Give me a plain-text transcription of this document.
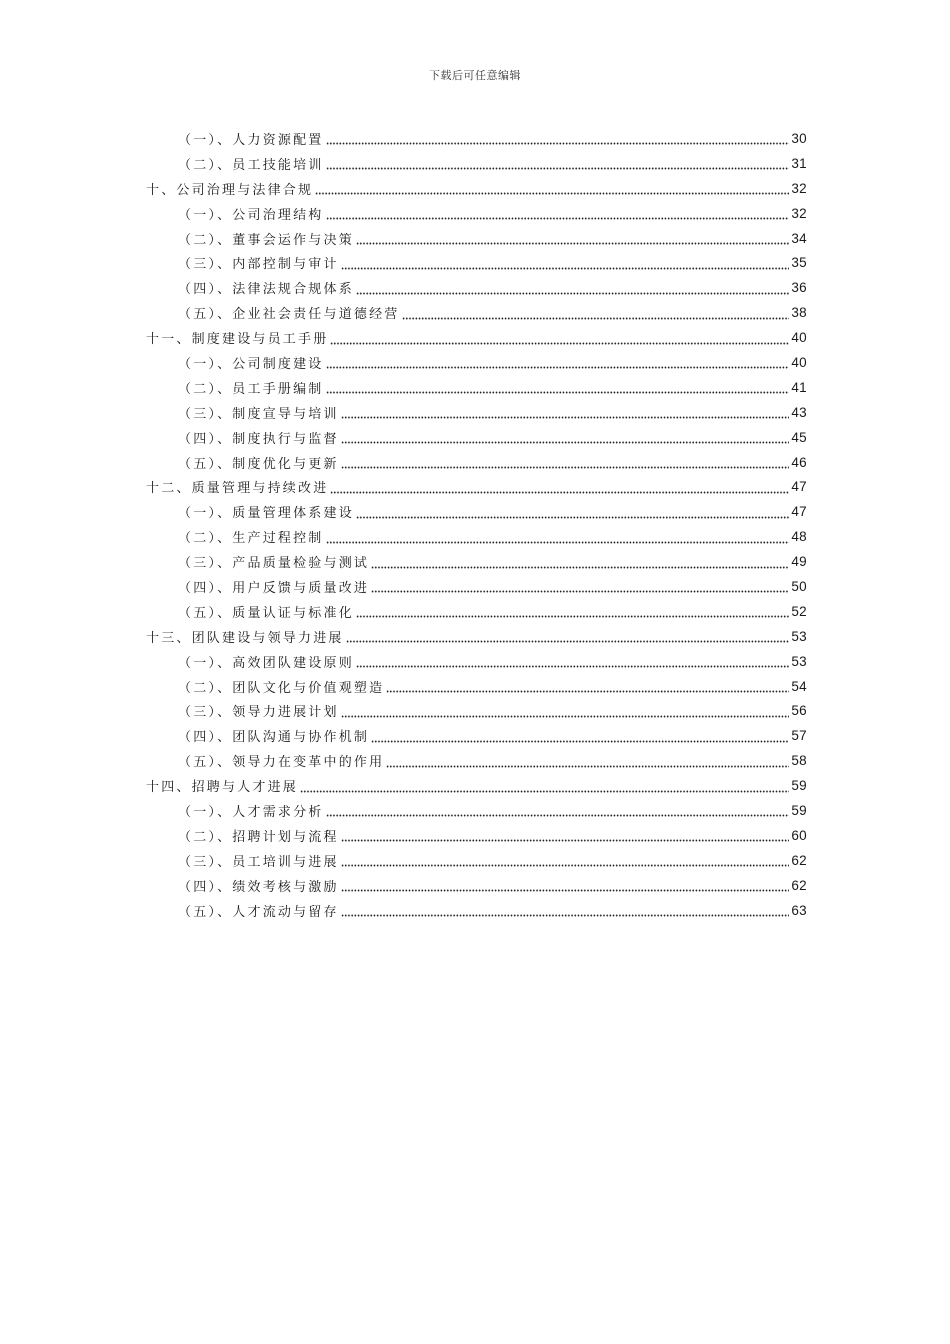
下载后可任意编辑
（一）、人力资源配置	30
（二）、员工技能培训	31
十、公司治理与法律合规	32
（一）、公司治理结构	32
（二）、董事会运作与决策	34
（三）、内部控制与审计	35
（四）、法律法规合规体系	36
（五）、企业社会责任与道德经营	38
十一、制度建设与员工手册	40
（一）、公司制度建设	40
（二）、员工手册编制	41
（三）、制度宣导与培训	43
（四）、制度执行与监督	45
（五）、制度优化与更新	46
十二、质量管理与持续改进	47
（一）、质量管理体系建设	47
（二）、生产过程控制	48
（三）、产品质量检验与测试	49
（四）、用户反馈与质量改进	50
（五）、质量认证与标准化	52
十三、团队建设与领导力进展	53
（一）、高效团队建设原则	53
（二）、团队文化与价值观塑造	54
（三）、领导力进展计划	56
（四）、团队沟通与协作机制	57
（五）、领导力在变革中的作用	58
十四、招聘与人才进展	59
（一）、人才需求分析	59
（二）、招聘计划与流程	60
（三）、员工培训与进展	62
（四）、绩效考核与激励	62
（五）、人才流动与留存	63
